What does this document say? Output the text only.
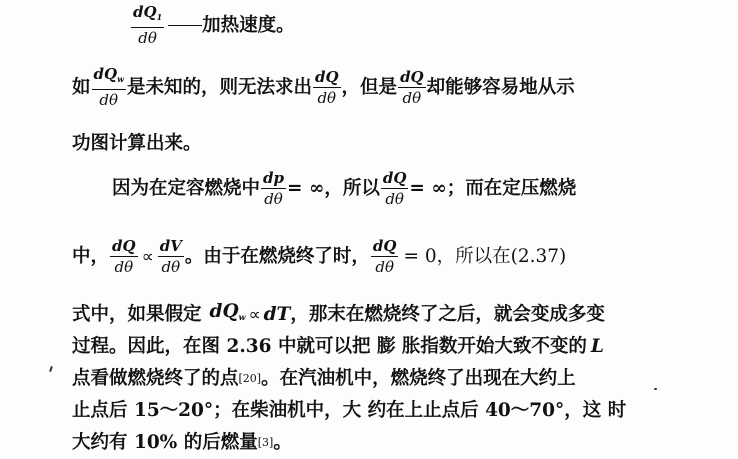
$\frac{dQ_1}{d\theta}$ 加热速度。
如 $\frac{dQ_w}{d\theta}$ 是未知的，则无法求出 $\frac{dQ}{d\theta}$ ，但是 $\frac{dQ}{d\theta}$ 却能够容易地从示
功图计算出来。
因为在定容燃烧中 $\frac{dp}{d\theta}$ = ∞，所以 $\frac{dQ}{d\theta}$ = ∞；而在定压燃烧
中， $\frac{dQ}{d\theta} \propto \frac{dV}{d\theta}$ 。由于在燃烧终了时， $\frac{dQ}{d\theta} = 0$，所以在(2.37)
式中，如果假定 $dQ_w$ ∝ dT ，那末在燃烧终了之后，就会变成多变
过程。因此，在图 2.36 中就可以把 膨 胀指数开始大致不变的 L
点看做燃烧终了的点 [20] 。在汽油机中，燃烧终了出现在大约上
止点后 15～20°；在柴油机中，大 约在上止点后 40～70°，这 时
大约有 10% 的后燃量 [3] 。
